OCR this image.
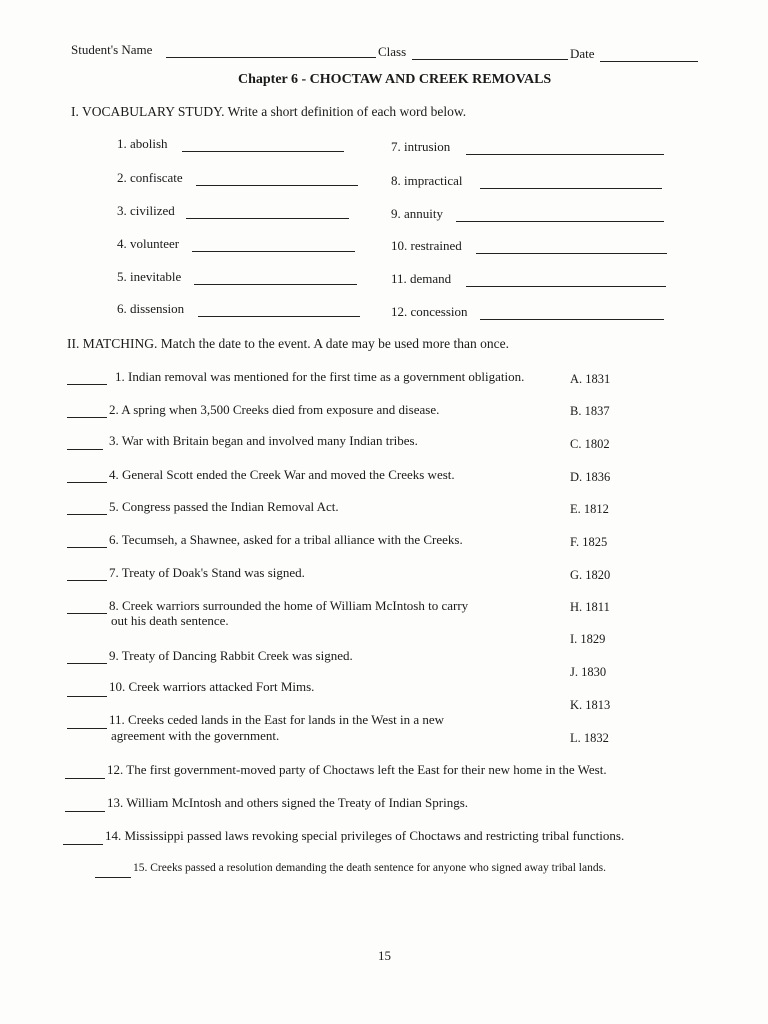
Student's Name	Class	Date
Chapter 6 - CHOCTAW AND CREEK REMOVALS
I. VOCABULARY STUDY. Write a short definition of each word below.
1. abolish
2. confiscate
3. civilized
4. volunteer
5. inevitable
6. dissension
7. intrusion
8. impractical
9. annuity
10. restrained
11. demand
12. concession
II. MATCHING. Match the date to the event. A date may be used more than once.
1. Indian removal was mentioned for the first time as a government obligation.
2. A spring when 3,500 Creeks died from exposure and disease.
3. War with Britain began and involved many Indian tribes.
4. General Scott ended the Creek War and moved the Creeks west.
5. Congress passed the Indian Removal Act.
6. Tecumseh, a Shawnee, asked for a tribal alliance with the Creeks.
7. Treaty of Doak's Stand was signed.
8. Creek warriors surrounded the home of William McIntosh to carry
out his death sentence.
9. Treaty of Dancing Rabbit Creek was signed.
10. Creek warriors attacked Fort Mims.
11. Creeks ceded lands in the East for lands in the West in a new
agreement with the government.
12. The first government-moved party of Choctaws left the East for their new home in the West.
13. William McIntosh and others signed the Treaty of Indian Springs.
14. Mississippi passed laws revoking special privileges of Choctaws and restricting tribal functions.
15. Creeks passed a resolution demanding the death sentence for anyone who signed away tribal lands.
A. 1831
B. 1837
C. 1802
D. 1836
E. 1812
F. 1825
G. 1820
H. 1811
I. 1829
J. 1830
K. 1813
L. 1832
15
